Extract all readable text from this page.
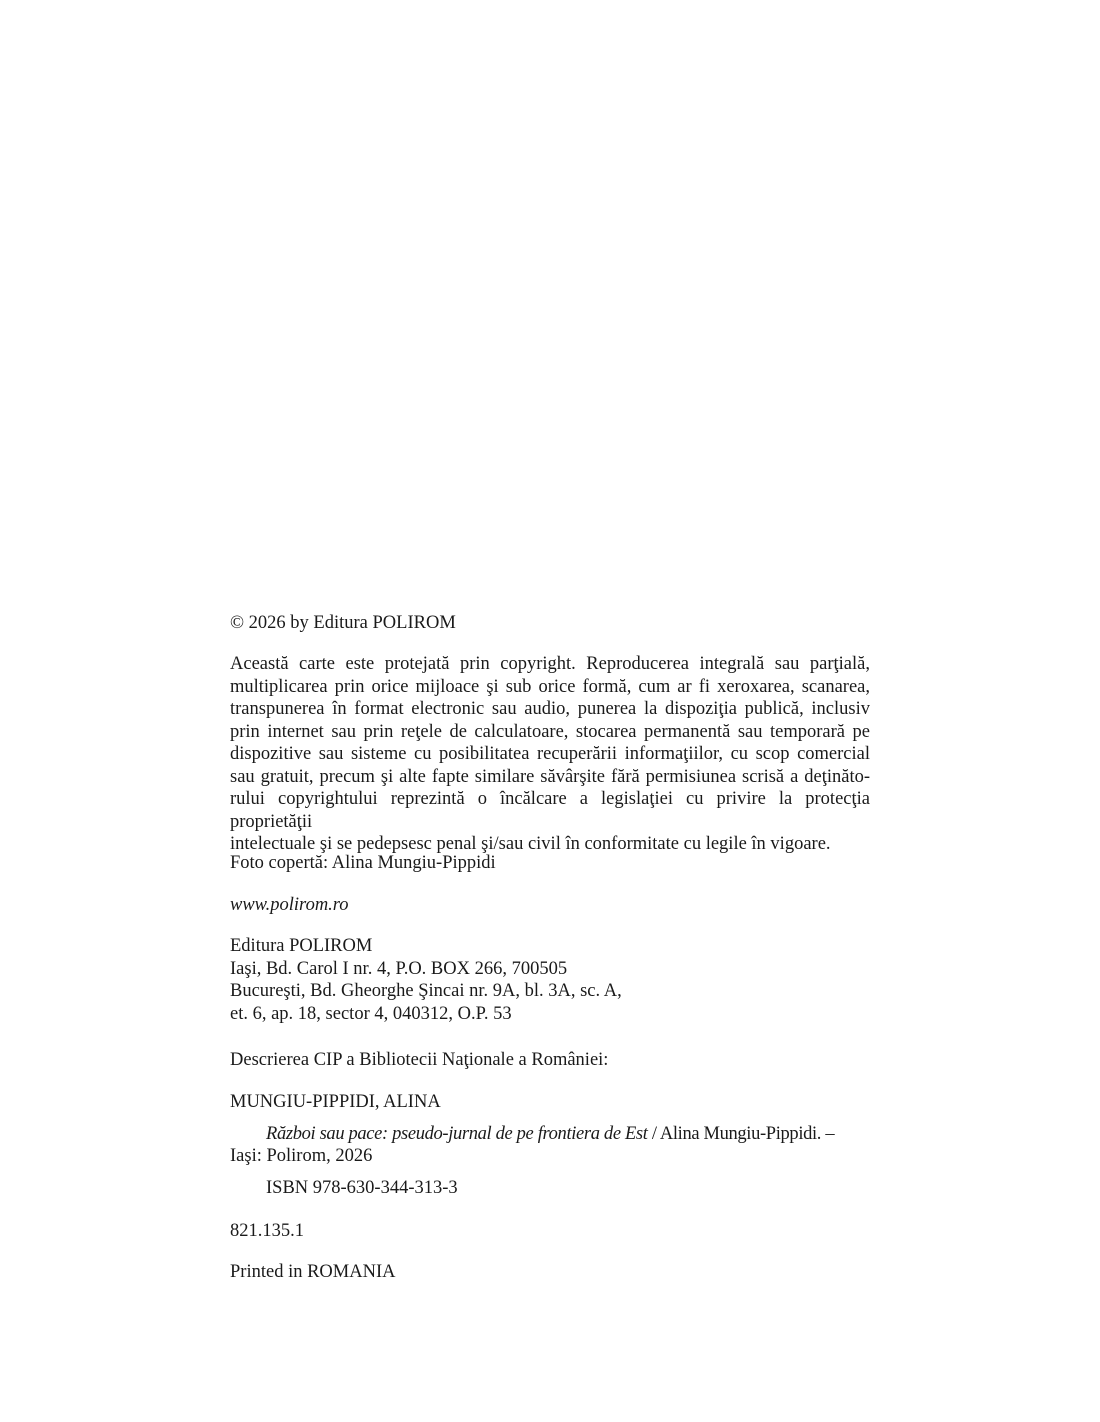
© 2026 by Editura POLIROM
Această carte este protejată prin copyright. Reproducerea integrală sau parţială,
multiplicarea prin orice mijloace şi sub orice formă, cum ar fi xeroxarea, scanarea,
transpunerea în format electronic sau audio, punerea la dispoziţia publică, inclusiv
prin internet sau prin reţele de calculatoare, stocarea permanentă sau temporară pe
dispozitive sau sisteme cu posibilitatea recuperării informaţiilor, cu scop comercial
sau gratuit, precum şi alte fapte similare săvârşite fără permisiunea scrisă a deţinăto-
rului copyrightului reprezintă o încălcare a legislaţiei cu privire la protecţia proprietăţii
intelectuale şi se pedepsesc penal şi/sau civil în conformitate cu legile în vigoare.
Foto copertă: Alina Mungiu-Pippidi
www.polirom.ro
Editura POLIROM
Iaşi, Bd. Carol I nr. 4, P.O. BOX 266, 700505
Bucureşti, Bd. Gheorghe Şincai nr. 9A, bl. 3A, sc. A,
et. 6, ap. 18, sector 4, 040312, O.P. 53
Descrierea CIP a Bibliotecii Naţionale a României:
MUNGIU-PIPPIDI, ALINA
Război sau pace: pseudo-jurnal de pe frontiera de Est / Alina Mungiu-Pippidi. –
Iaşi: Polirom, 2026
ISBN 978-630-344-313-3
821.135.1
Printed in ROMANIA
